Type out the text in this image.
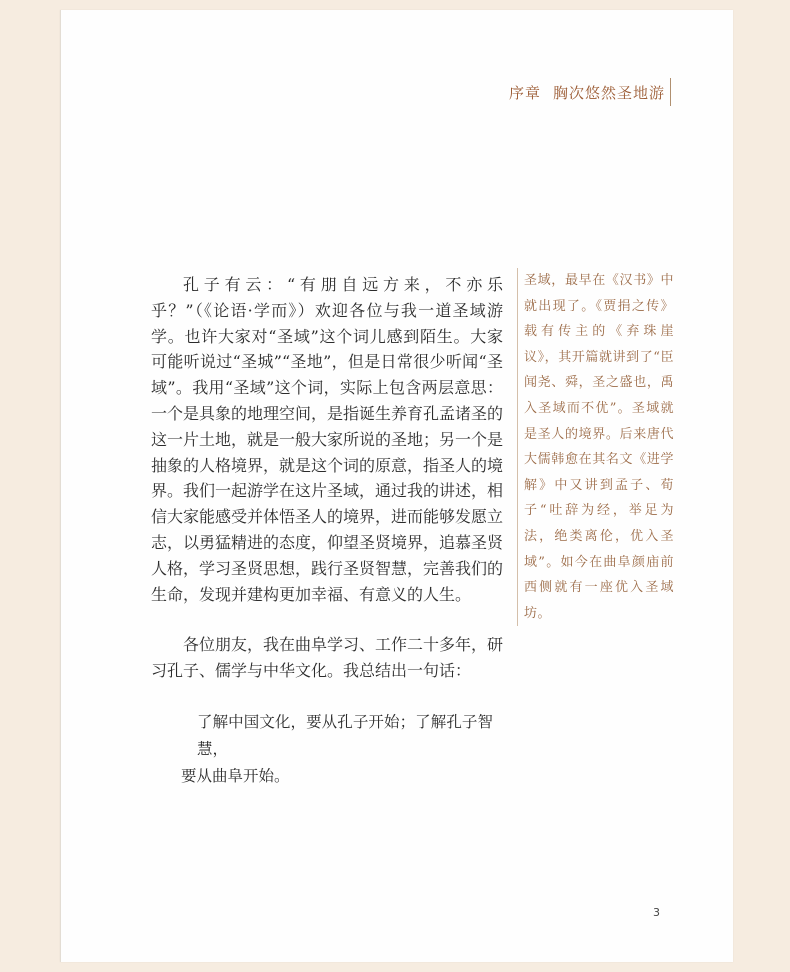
序章 胸次悠然圣地游

孔子有云：“有朋自远方来，不亦乐乎？”（《论语·学而》）欢迎各位与我一道圣域游学。也许大家对“圣域”这个词儿感到陌生。大家可能听说过“圣城”“圣地”，但是日常很少听闻“圣域”。我用“圣域”这个词，实际上包含两层意思：一个是具象的地理空间，是指诞生养育孔孟诸圣的这一片土地，就是一般大家所说的圣地；另一个是抽象的人格境界，就是这个词的原意，指圣人的境界。我们一起游学在这片圣域，通过我的讲述，相信大家能感受并体悟圣人的境界，进而能够发愿立志，以勇猛精进的态度，仰望圣贤境界，追慕圣贤人格，学习圣贤思想，践行圣贤智慧，完善我们的生命，发现并建构更加幸福、有意义的人生。

各位朋友，我在曲阜学习、工作二十多年，研习孔子、儒学与中华文化。我总结出一句话：

了解中国文化，要从孔子开始；了解孔子智慧，
要从曲阜开始。

圣域，最早在《汉书》中就出现了。《贾捐之传》载有传主的《弃珠崖议》，其开篇就讲到了“臣闻尧、舜，圣之盛也，禹入圣域而不优”。圣域就是圣人的境界。后来唐代大儒韩愈在其名文《进学解》中又讲到孟子、荀子“吐辞为经，举足为法，绝类离伦，优入圣域”。如今在曲阜颜庙前西侧就有一座优入圣域坊。
3
